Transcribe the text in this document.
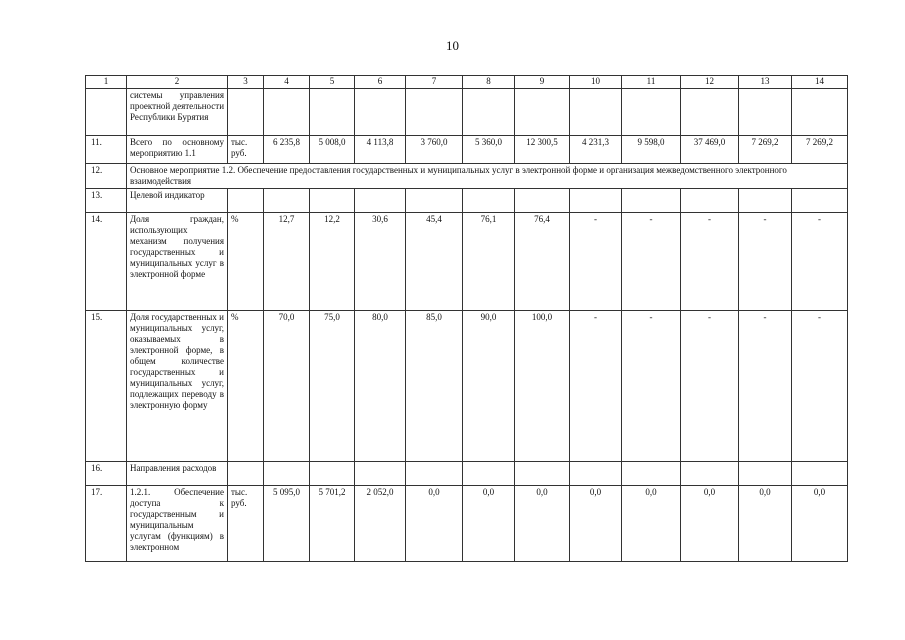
10
1	2	3	4	5	6	7	8	9	10	11	12	13	14
	системы управления проектной деятельности Республики Бурятия												
11.	Всего по основному мероприятию 1.1	тыс. руб.	6 235,8	5 008,0	4 113,8	3 760,0	5 360,0	12 300,5	4 231,3	9 598,0	37 469,0	7 269,2	7 269,2
12.	Основное мероприятие 1.2. Обеспечение предоставления государственных и муниципальных услуг в электронной форме и организация межведомственного электронного взаимодействия												
13.	Целевой индикатор												
14.	Доля граждан, использующих механизм получения государственных и муниципальных услуг в электронной форме	%	12,7	12,2	30,6	45,4	76,1	76,4	-	-	-	-	-
15.	Доля государственных и муниципальных услуг, оказываемых в электронной форме, в общем количестве государственных и муниципальных услуг, подлежащих переводу в электронную форму	%	70,0	75,0	80,0	85,0	90,0	100,0	-	-	-	-	-
16.	Направления расходов												
17.	1.2.1. Обеспечение доступа к государственным и муниципальным услугам (функциям) в электронном	тыс. руб.	5 095,0	5 701,2	2 052,0	0,0	0,0	0,0	0,0	0,0	0,0	0,0	0,0
